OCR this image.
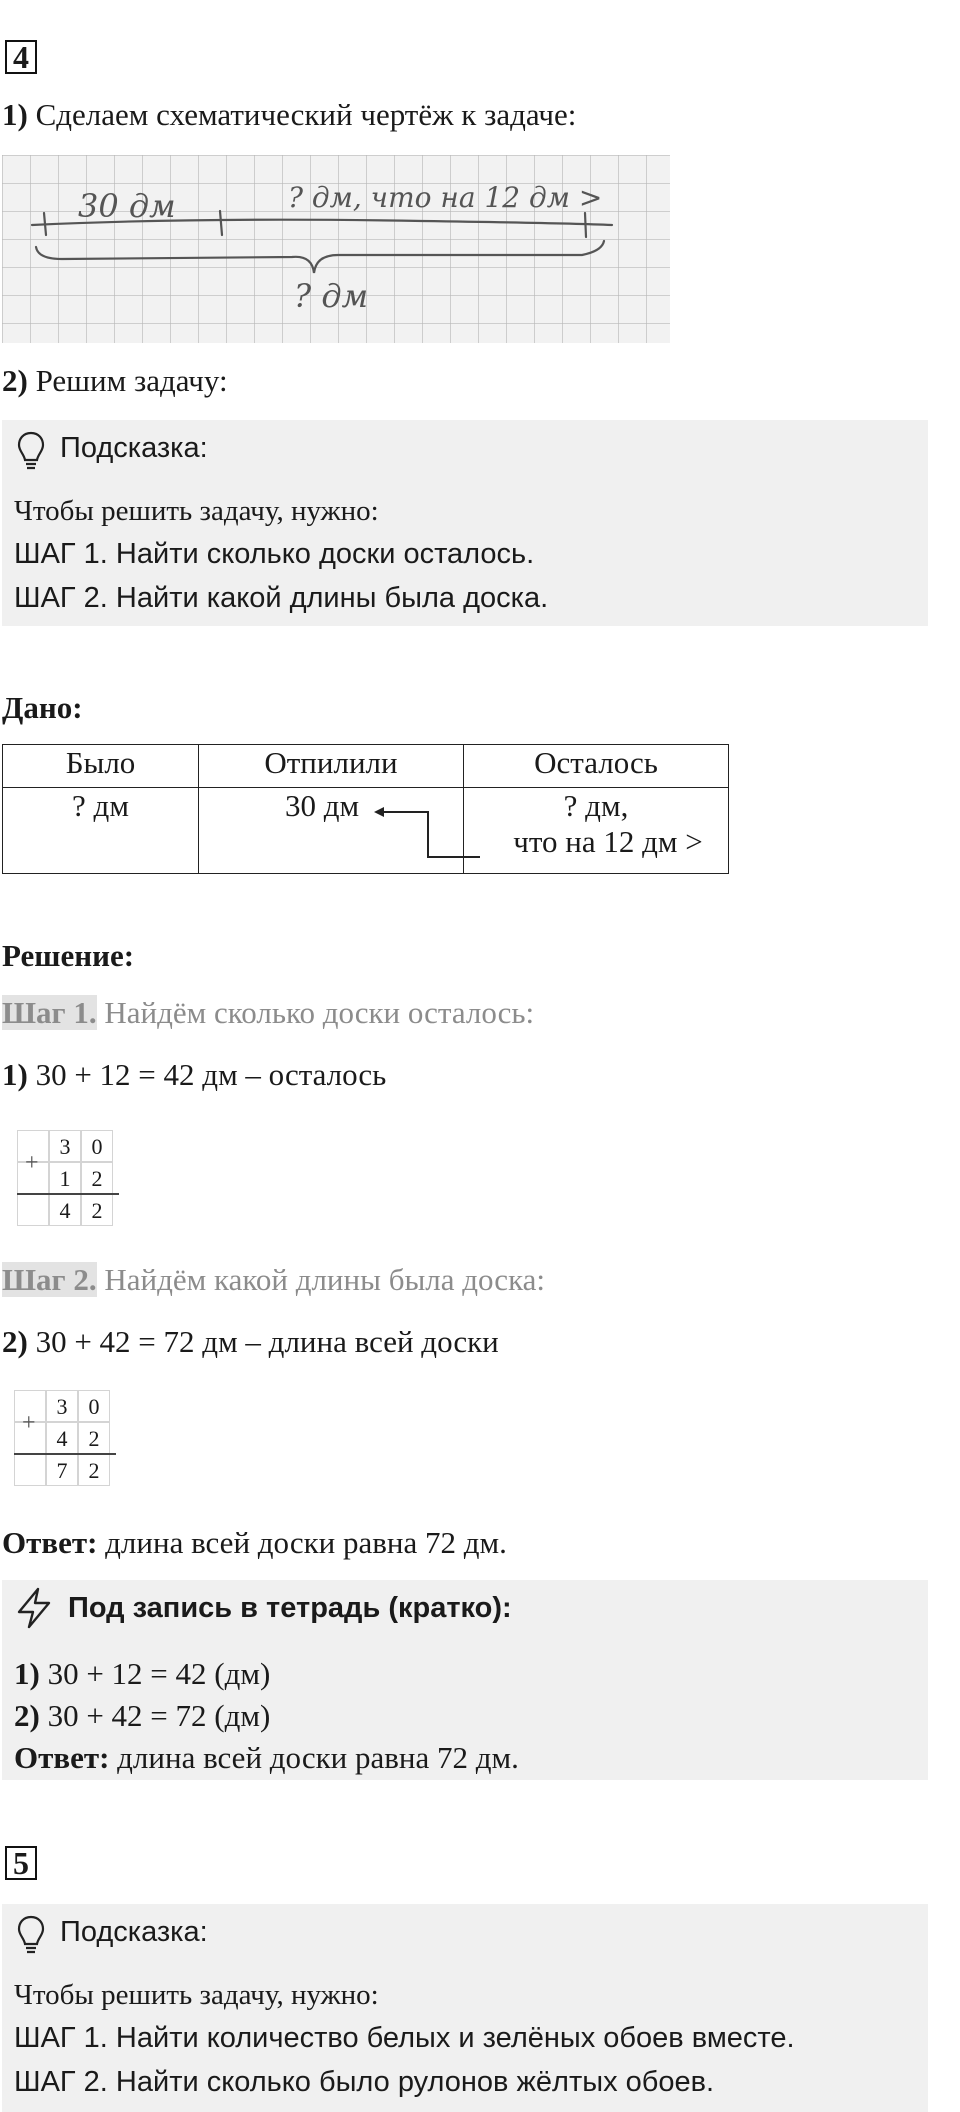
4
1) Сделаем схематический чертёж к задаче:
30 дм	? дм, что на 12 дм >
? дм
2) Решим задачу:
Подсказка:
Чтобы решить задачу, нужно:
ШАГ 1. Найти сколько доски осталось.
ШАГ 2. Найти какой длины была доска.
Дано:
Было	Отпилили	Осталось
? дм	30 дм	? дм,
что на 12 дм >
Решение:
Шаг 1. Найдём сколько доски осталось:
1) 30 + 12 = 42 дм – осталось
+
3 0
1 2
4 2
Шаг 2. Найдём какой длины была доска:
2) 30 + 42 = 72 дм – длина всей доски
+
3 0
4 2
7 2
Ответ: длина всей доски равна 72 дм.
Под запись в тетрадь (кратко):
1) 30 + 12 = 42 (дм)
2) 30 + 42 = 72 (дм)
Ответ: длина всей доски равна 72 дм.
5
Подсказка:
Чтобы решить задачу, нужно:
ШАГ 1. Найти количество белых и зелёных обоев вместе.
ШАГ 2. Найти сколько было рулонов жёлтых обоев.
